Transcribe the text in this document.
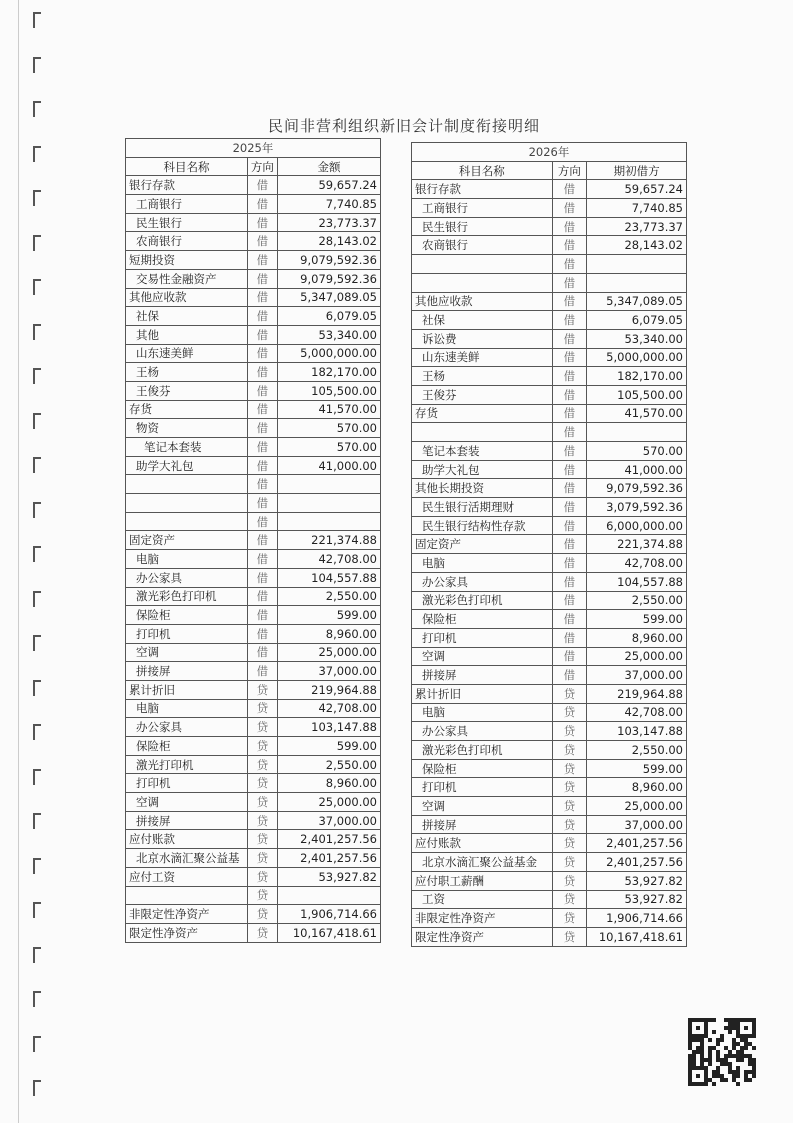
民间非营利组织新旧会计制度衔接明细
2025年		
科目名称	方向	金额
银行存款	借	59,657.24
工商银行	借	7,740.85
民生银行	借	23,773.37
农商银行	借	28,143.02
短期投资	借	9,079,592.36
交易性金融资产	借	9,079,592.36
其他应收款	借	5,347,089.05
社保	借	6,079.05
其他	借	53,340.00
山东速美鲜	借	5,000,000.00
王杨	借	182,170.00
王俊芬	借	105,500.00
存货	借	41,570.00
物资	借	570.00
笔记本套装	借	570.00
助学大礼包	借	41,000.00
	借	
	借	
	借	
固定资产	借	221,374.88
电脑	借	42,708.00
办公家具	借	104,557.88
激光彩色打印机	借	2,550.00
保险柜	借	599.00
打印机	借	8,960.00
空调	借	25,000.00
拼接屏	借	37,000.00
累计折旧	贷	219,964.88
电脑	贷	42,708.00
办公家具	贷	103,147.88
保险柜	贷	599.00
激光打印机	贷	2,550.00
打印机	贷	8,960.00
空调	贷	25,000.00
拼接屏	贷	37,000.00
应付账款	贷	2,401,257.56
北京水滴汇聚公益基	贷	2,401,257.56
应付工资	贷	53,927.82
	贷	
非限定性净资产	贷	1,906,714.66
限定性净资产	贷	10,167,418.61
2026年		
科目名称	方向	期初借方
银行存款	借	59,657.24
工商银行	借	7,740.85
民生银行	借	23,773.37
农商银行	借	28,143.02
	借	
	借	
其他应收款	借	5,347,089.05
社保	借	6,079.05
诉讼费	借	53,340.00
山东速美鲜	借	5,000,000.00
王杨	借	182,170.00
王俊芬	借	105,500.00
存货	借	41,570.00
	借	
笔记本套装	借	570.00
助学大礼包	借	41,000.00
其他长期投资	借	9,079,592.36
民生银行活期理财	借	3,079,592.36
民生银行结构性存款	借	6,000,000.00
固定资产	借	221,374.88
电脑	借	42,708.00
办公家具	借	104,557.88
激光彩色打印机	借	2,550.00
保险柜	借	599.00
打印机	借	8,960.00
空调	借	25,000.00
拼接屏	借	37,000.00
累计折旧	贷	219,964.88
电脑	贷	42,708.00
办公家具	贷	103,147.88
激光彩色打印机	贷	2,550.00
保险柜	贷	599.00
打印机	贷	8,960.00
空调	贷	25,000.00
拼接屏	贷	37,000.00
应付账款	贷	2,401,257.56
北京水滴汇聚公益基金	贷	2,401,257.56
应付职工薪酬	贷	53,927.82
工资	贷	53,927.82
非限定性净资产	贷	1,906,714.66
限定性净资产	贷	10,167,418.61
